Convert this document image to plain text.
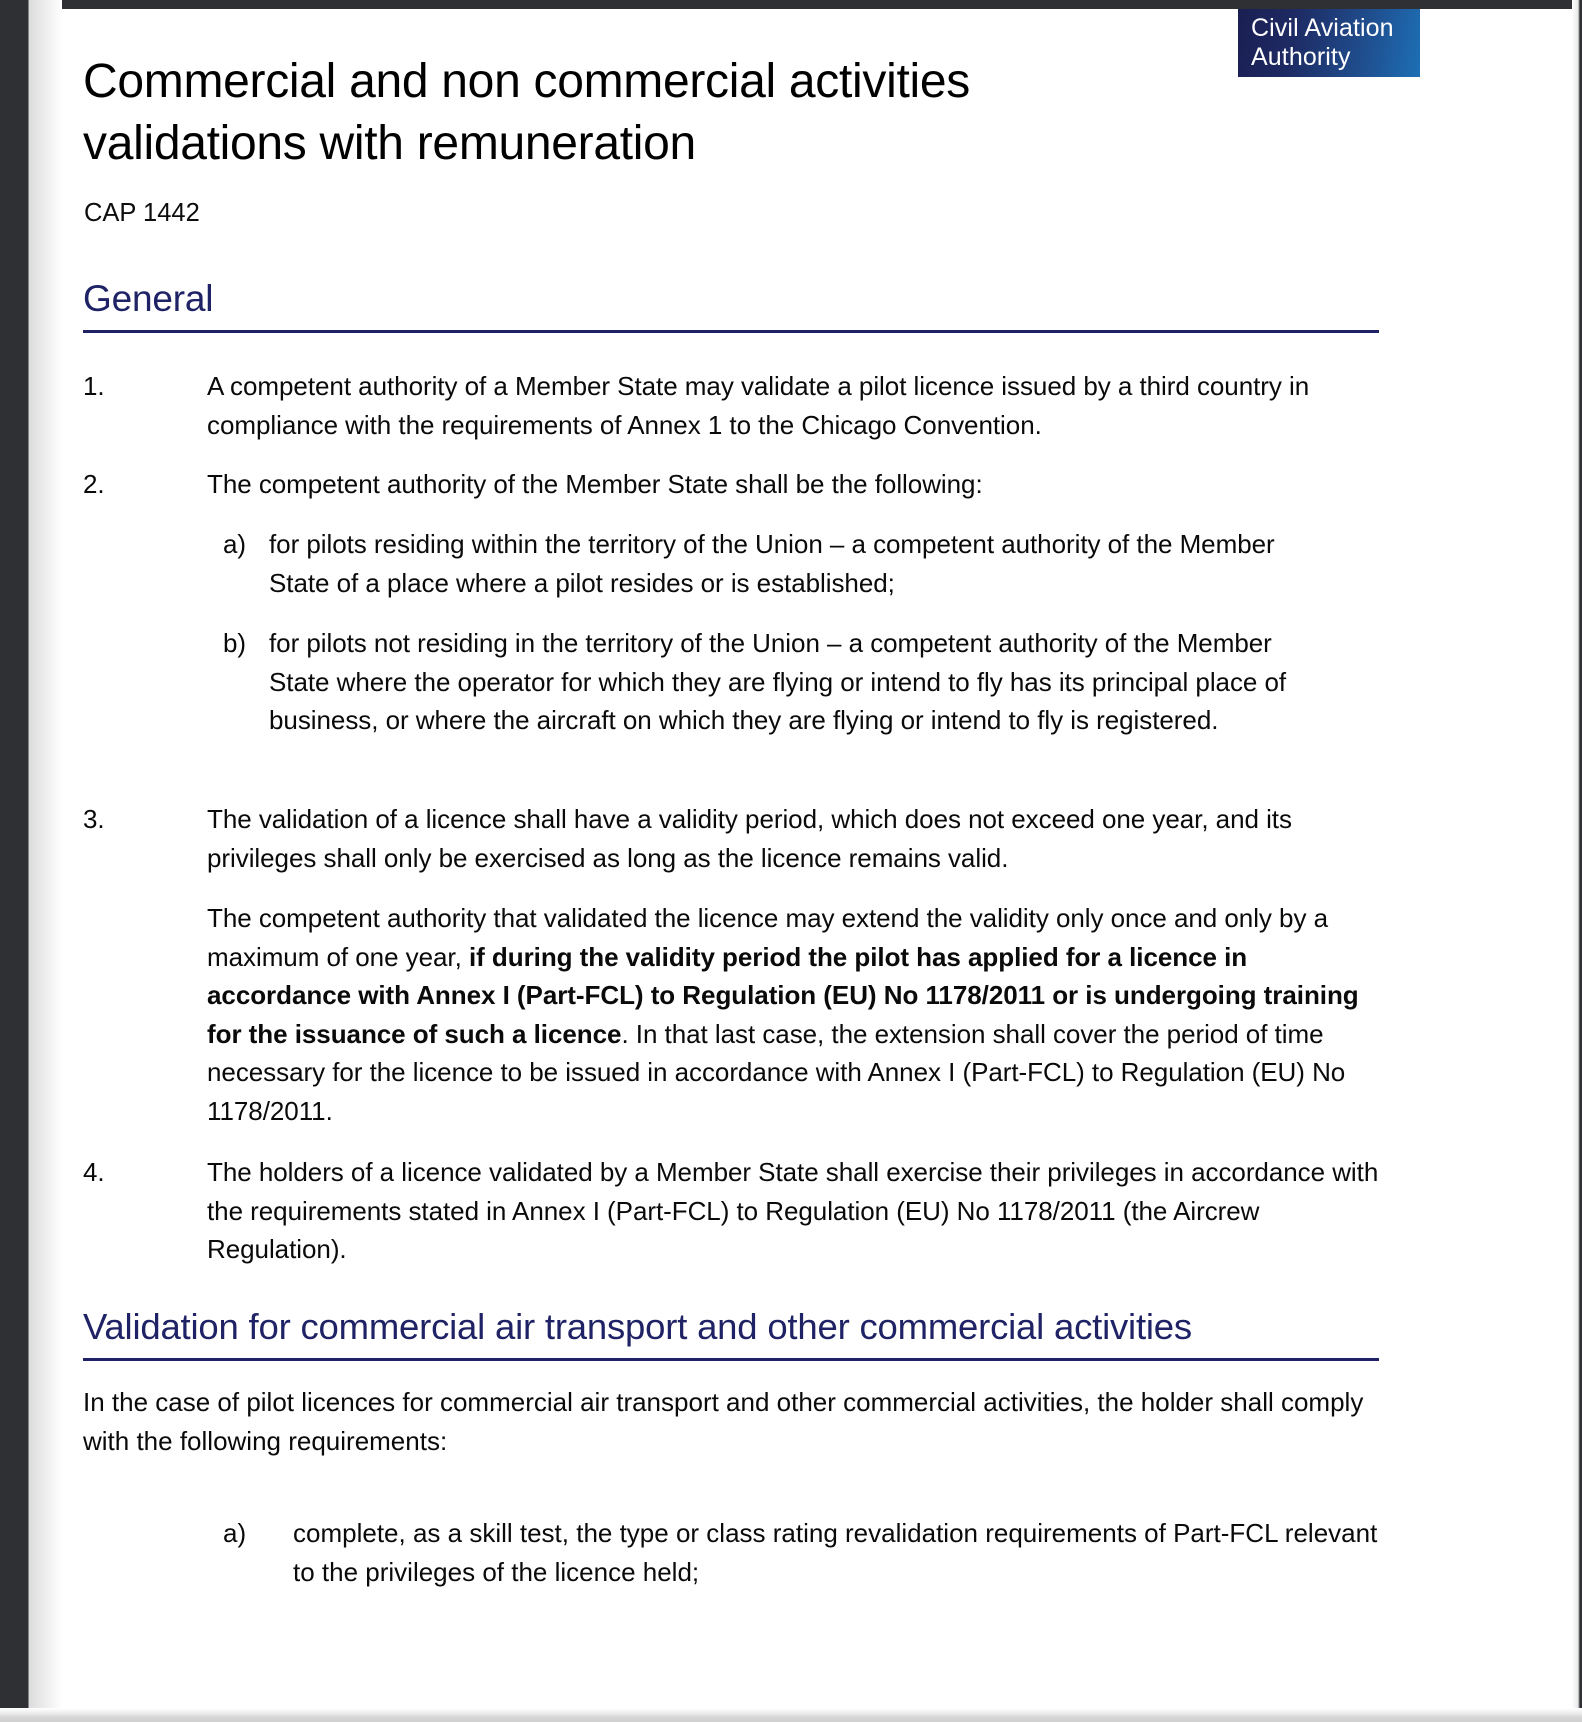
Civil Aviation
Authority
Commercial and non commercial activities validations with remuneration
CAP 1442
General
1.	A competent authority of a Member State may validate a pilot licence issued by a third country in compliance with the requirements of Annex 1 to the Chicago Convention.
2.	The competent authority of the Member State shall be the following:
a) for pilots residing within the territory of the Union – a competent authority of the Member State of a place where a pilot resides or is established;
b) for pilots not residing in the territory of the Union – a competent authority of the Member State where the operator for which they are flying or intend to fly has its principal place of business, or where the aircraft on which they are flying or intend to fly is registered.
3.	The validation of a licence shall have a validity period, which does not exceed one year, and its privileges shall only be exercised as long as the licence remains valid.
The competent authority that validated the licence may extend the validity only once and only by a maximum of one year, if during the validity period the pilot has applied for a licence in accordance with Annex I (Part-FCL) to Regulation (EU) No 1178/2011 or is undergoing training for the issuance of such a licence. In that last case, the extension shall cover the period of time necessary for the licence to be issued in accordance with Annex I (Part-FCL) to Regulation (EU) No 1178/2011.
4.	The holders of a licence validated by a Member State shall exercise their privileges in accordance with the requirements stated in Annex I (Part-FCL) to Regulation (EU) No 1178/2011 (the Aircrew Regulation).
Validation for commercial air transport and other commercial activities
In the case of pilot licences for commercial air transport and other commercial activities, the holder shall comply with the following requirements:
a) complete, as a skill test, the type or class rating revalidation requirements of Part-FCL relevant to the privileges of the licence held;
